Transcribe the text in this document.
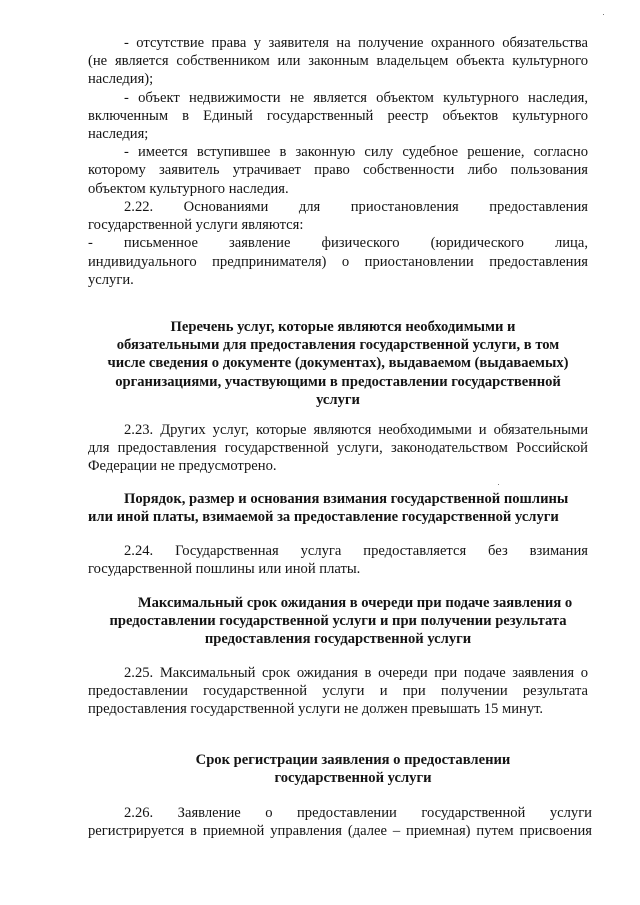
- отсутствие права у заявителя на получение охранного обязательства
(не является собственником или законным владельцем объекта культурного
наследия);
- объект недвижимости не является объектом культурного наследия,
включенным в Единый государственный реестр объектов культурного
наследия;
- имеется вступившее в законную силу судебное решение, согласно
которому заявитель утрачивает право собственности либо пользования
объектом культурного наследия.
2.22. Основаниями для приостановления предоставления
государственной услуги являются:
- письменное заявление физического (юридического лица,
индивидуального предпринимателя) о приостановлении предоставления
услуги.
Перечень услуг, которые являются необходимыми и
обязательными для предоставления государственной услуги, в том
числе сведения о документе (документах), выдаваемом (выдаваемых)
организациями, участвующими в предоставлении государственной
услуги
2.23. Других услуг, которые являются необходимыми и обязательными
для предоставления государственной услуги, законодательством Российской
Федерации не предусмотрено.
Порядок, размер и основания взимания государственной пошлины
или иной платы, взимаемой за предоставление государственной услуги
2.24. Государственная услуга предоставляется без взимания
государственной пошлины или иной платы.
Максимальный срок ожидания в очереди при подаче заявления о
предоставлении государственной услуги и при получении результата
предоставления государственной услуги
2.25. Максимальный срок ожидания в очереди при подаче заявления о
предоставлении государственной услуги и при получении результата
предоставления государственной услуги не должен превышать 15 минут.
Срок регистрации заявления о предоставлении
государственной услуги
2.26. Заявление о предоставлении государственной услуги
регистрируется в приемной управления (далее – приемная) путем присвоения
